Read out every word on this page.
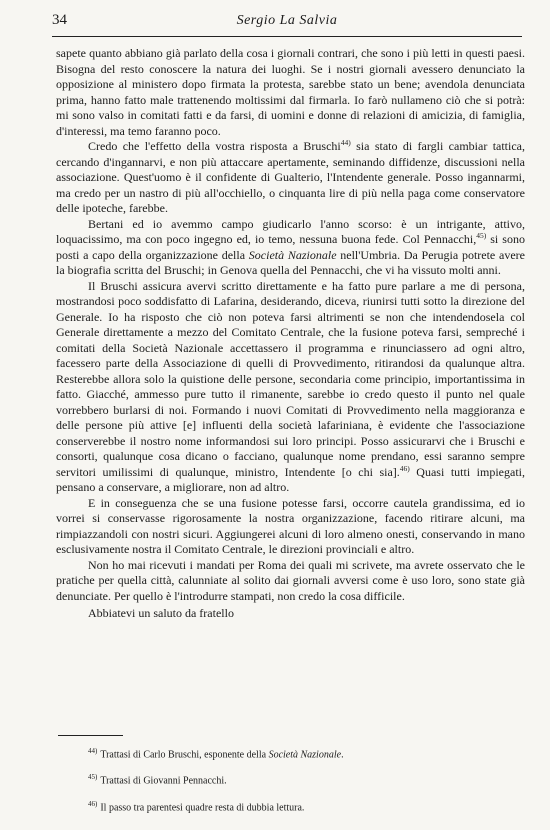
34	Sergio La Salvia

sapete quanto abbiano già parlato della cosa i giornali contrari, che sono i più letti in questi paesi. Bisogna del resto conoscere la natura dei luoghi. Se i nostri giornali avessero denunciato la opposizione al ministero dopo firmata la protesta, sarebbe stato un bene; avendola denunciata prima, hanno fatto male trattenendo moltissimi dal firmarla. Io farò nullameno ciò che si potrà: mi sono valso in comitati fatti e da farsi, di uomini e donne di relazioni di amicizia, di famiglia, d'interessi, ma temo faranno poco.

Credo che l'effetto della vostra risposta a Bruschi$^{44)}$ sia stato di fargli cambiar tattica, cercando d'ingannarvi, e non più attaccare apertamente, seminando diffidenze, discussioni nella associazione. Quest'uomo è il confidente di Gualterio, l'Intendente generale. Posso ingannarmi, ma credo per un nastro di più all'occhiello, o cinquanta lire di più nella paga come conservatore delle ipoteche, farebbe.

Bertani ed io avemmo campo giudicarlo l'anno scorso: è un intrigante, attivo, loquacissimo, ma con poco ingegno ed, io temo, nessuna buona fede. Col Pennacchi,$^{45)}$ si sono posti a capo della organizzazione della Società Nazionale nell'Umbria. Da Perugia potrete avere la biografia scritta del Bruschi; in Genova quella del Pennacchi, che vi ha vissuto molti anni.

Il Bruschi assicura avervi scritto direttamente e ha fatto pure parlare a me di persona, mostrandosi poco soddisfatto di Lafarina, desiderando, diceva, riunirsi tutti sotto la direzione del Generale. Io ha risposto che ciò non poteva farsi altrimenti se non che intendendosela col Generale direttamente a mezzo del Comitato Centrale, che la fusione poteva farsi, sempreché i comitati della Società Nazionale accettassero il programma e rinunciassero ad ogni altro, facessero parte della Associazione di quelli di Provvedimento, ritirandosi da qualunque altra. Resterebbe allora solo la quistione delle persone, secondaria come principio, importantissima in fatto. Giacché, ammesso pure tutto il rimanente, sarebbe io credo questo il punto nel quale vorrebbero burlarsi di noi. Formando i nuovi Comitati di Provvedimento nella maggioranza e delle persone più attive [e] influenti della società lafariniana, è evidente che l'associazione conserverebbe il nostro nome informandosi sui loro principi. Posso assicurarvi che i Bruschi e consorti, qualunque cosa dicano o facciano, qualunque nome prendano, essi saranno sempre servitori umilissimi di qualunque, ministro, Intendente [o chi sia].$^{46)}$ Quasi tutti impiegati, pensano a conservare, a migliorare, non ad altro.

E in conseguenza che se una fusione potesse farsi, occorre cautela grandissima, ed io vorrei si conservasse rigorosamente la nostra organizzazione, facendo ritirare alcuni, ma rimpiazzandoli con nostri sicuri. Aggiungerei alcuni di loro almeno onesti, conservando in mano esclusivamente nostra il Comitato Centrale, le direzioni provinciali e altro.

Non ho mai ricevuti i mandati per Roma dei quali mi scrivete, ma avrete osservato che le pratiche per quella città, calunniate al solito dai giornali avversi come è uso loro, sono state già denunciate. Per quello è l'introdurre stampati, non credo la cosa difficile.

Abbiatevi un saluto da fratello

$^{44)}$ Trattasi di Carlo Bruschi, esponente della Società Nazionale.
$^{45)}$ Trattasi di Giovanni Pennacchi.
$^{46)}$ Il passo tra parentesi quadre resta di dubbia lettura.
